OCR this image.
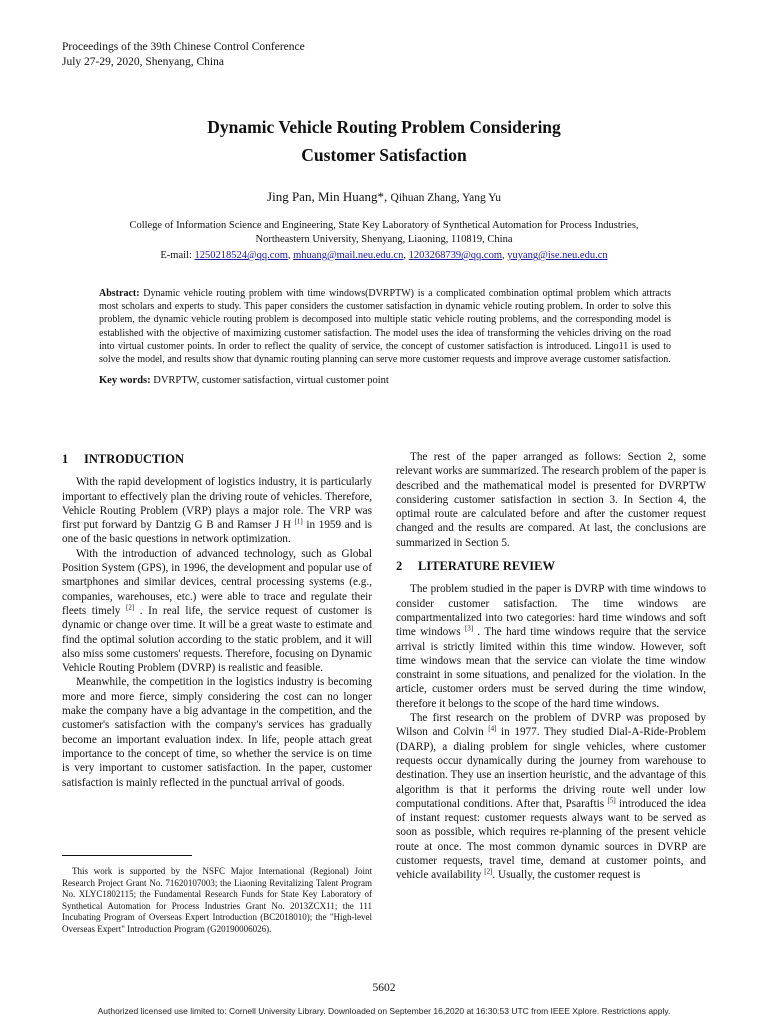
Proceedings of the 39th Chinese Control Conference
July 27-29, 2020, Shenyang, China
Dynamic Vehicle Routing Problem Considering
Customer Satisfaction
Jing Pan, Min Huang*, Qihuan Zhang, Yang Yu
College of Information Science and Engineering, State Key Laboratory of Synthetical Automation for Process Industries,
Northeastern University, Shenyang, Liaoning, 110819, China
E-mail: 1250218524@qq.com, mhuang@mail.neu.edu.cn, 1203268739@qq.com, yuyang@ise.neu.edu.cn
Abstract: Dynamic vehicle routing problem with time windows(DVRPTW) is a complicated combination optimal problem which attracts most scholars and experts to study. This paper considers the customer satisfaction in dynamic vehicle routing problem. In order to solve this problem, the dynamic vehicle routing problem is decomposed into multiple static vehicle routing problems, and the corresponding model is established with the objective of maximizing customer satisfaction. The model uses the idea of transforming the vehicles driving on the road into virtual customer points. In order to reflect the quality of service, the concept of customer satisfaction is introduced. Lingo11 is used to solve the model, and results show that dynamic routing planning can serve more customer requests and improve average customer satisfaction.
Key words: DVRPTW, customer satisfaction, virtual customer point
1 INTRODUCTION

With the rapid development of logistics industry, it is particularly important to effectively plan the driving route of vehicles. Therefore, Vehicle Routing Problem (VRP) plays a major role. The VRP was first put forward by Dantzig G B and Ramser J H [1] in 1959 and is one of the basic questions in network optimization.

With the introduction of advanced technology, such as Global Position System (GPS), in 1996, the development and popular use of smartphones and similar devices, central processing systems (e.g., companies, warehouses, etc.) were able to trace and regulate their fleets timely [2] . In real life, the service request of customer is dynamic or change over time. It will be a great waste to estimate and find the optimal solution according to the static problem, and it will also miss some customers' requests. Therefore, focusing on Dynamic Vehicle Routing Problem (DVRP) is realistic and feasible.

Meanwhile, the competition in the logistics industry is becoming more and more fierce, simply considering the cost can no longer make the company have a big advantage in the competition, and the customer's satisfaction with the company's services has gradually become an important evaluation index. In life, people attach great importance to the concept of time, so whether the service is on time is very important to customer satisfaction. In the paper, customer satisfaction is mainly reflected in the punctual arrival of goods.

This work is supported by the NSFC Major International (Regional) Joint Research Project Grant No. 71620107003; the Liaoning Revitalizing Talent Program No. XLYC1802115; the Fundamental Research Funds for State Key Laboratory of Synthetical Automation for Process Industries Grant No. 2013ZCX11; the 111 Incubating Program of Overseas Expert Introduction (BC2018010); the "High-level Overseas Expert" Introduction Program (G20190006026).

The rest of the paper arranged as follows: Section 2, some relevant works are summarized. The research problem of the paper is described and the mathematical model is presented for DVRPTW considering customer satisfaction in section 3. In Section 4, the optimal route are calculated before and after the customer request changed and the results are compared. At last, the conclusions are summarized in Section 5.

2 LITERATURE REVIEW

The problem studied in the paper is DVRP with time windows to consider customer satisfaction. The time windows are compartmentalized into two categories: hard time windows and soft time windows [3] . The hard time windows require that the service arrival is strictly limited within this time window. However, soft time windows mean that the service can violate the time window constraint in some situations, and penalized for the violation. In the article, customer orders must be served during the time window, therefore it belongs to the scope of the hard time windows.

The first research on the problem of DVRP was proposed by Wilson and Colvin [4] in 1977. They studied Dial-A-Ride-Problem (DARP), a dialing problem for single vehicles, where customer requests occur dynamically during the journey from warehouse to destination. They use an insertion heuristic, and the advantage of this algorithm is that it performs the driving route well under low computational conditions. After that, Psaraftis [5] introduced the idea of instant request: customer requests always want to be served as soon as possible, which requires re-planning of the present vehicle route at once. The most common dynamic sources in DVRP are customer requests, travel time, demand at customer points, and vehicle availability [2]. Usually, the customer request is

5602
Authorized licensed use limited to: Cornell University Library. Downloaded on September 16,2020 at 16:30:53 UTC from IEEE Xplore. Restrictions apply.
